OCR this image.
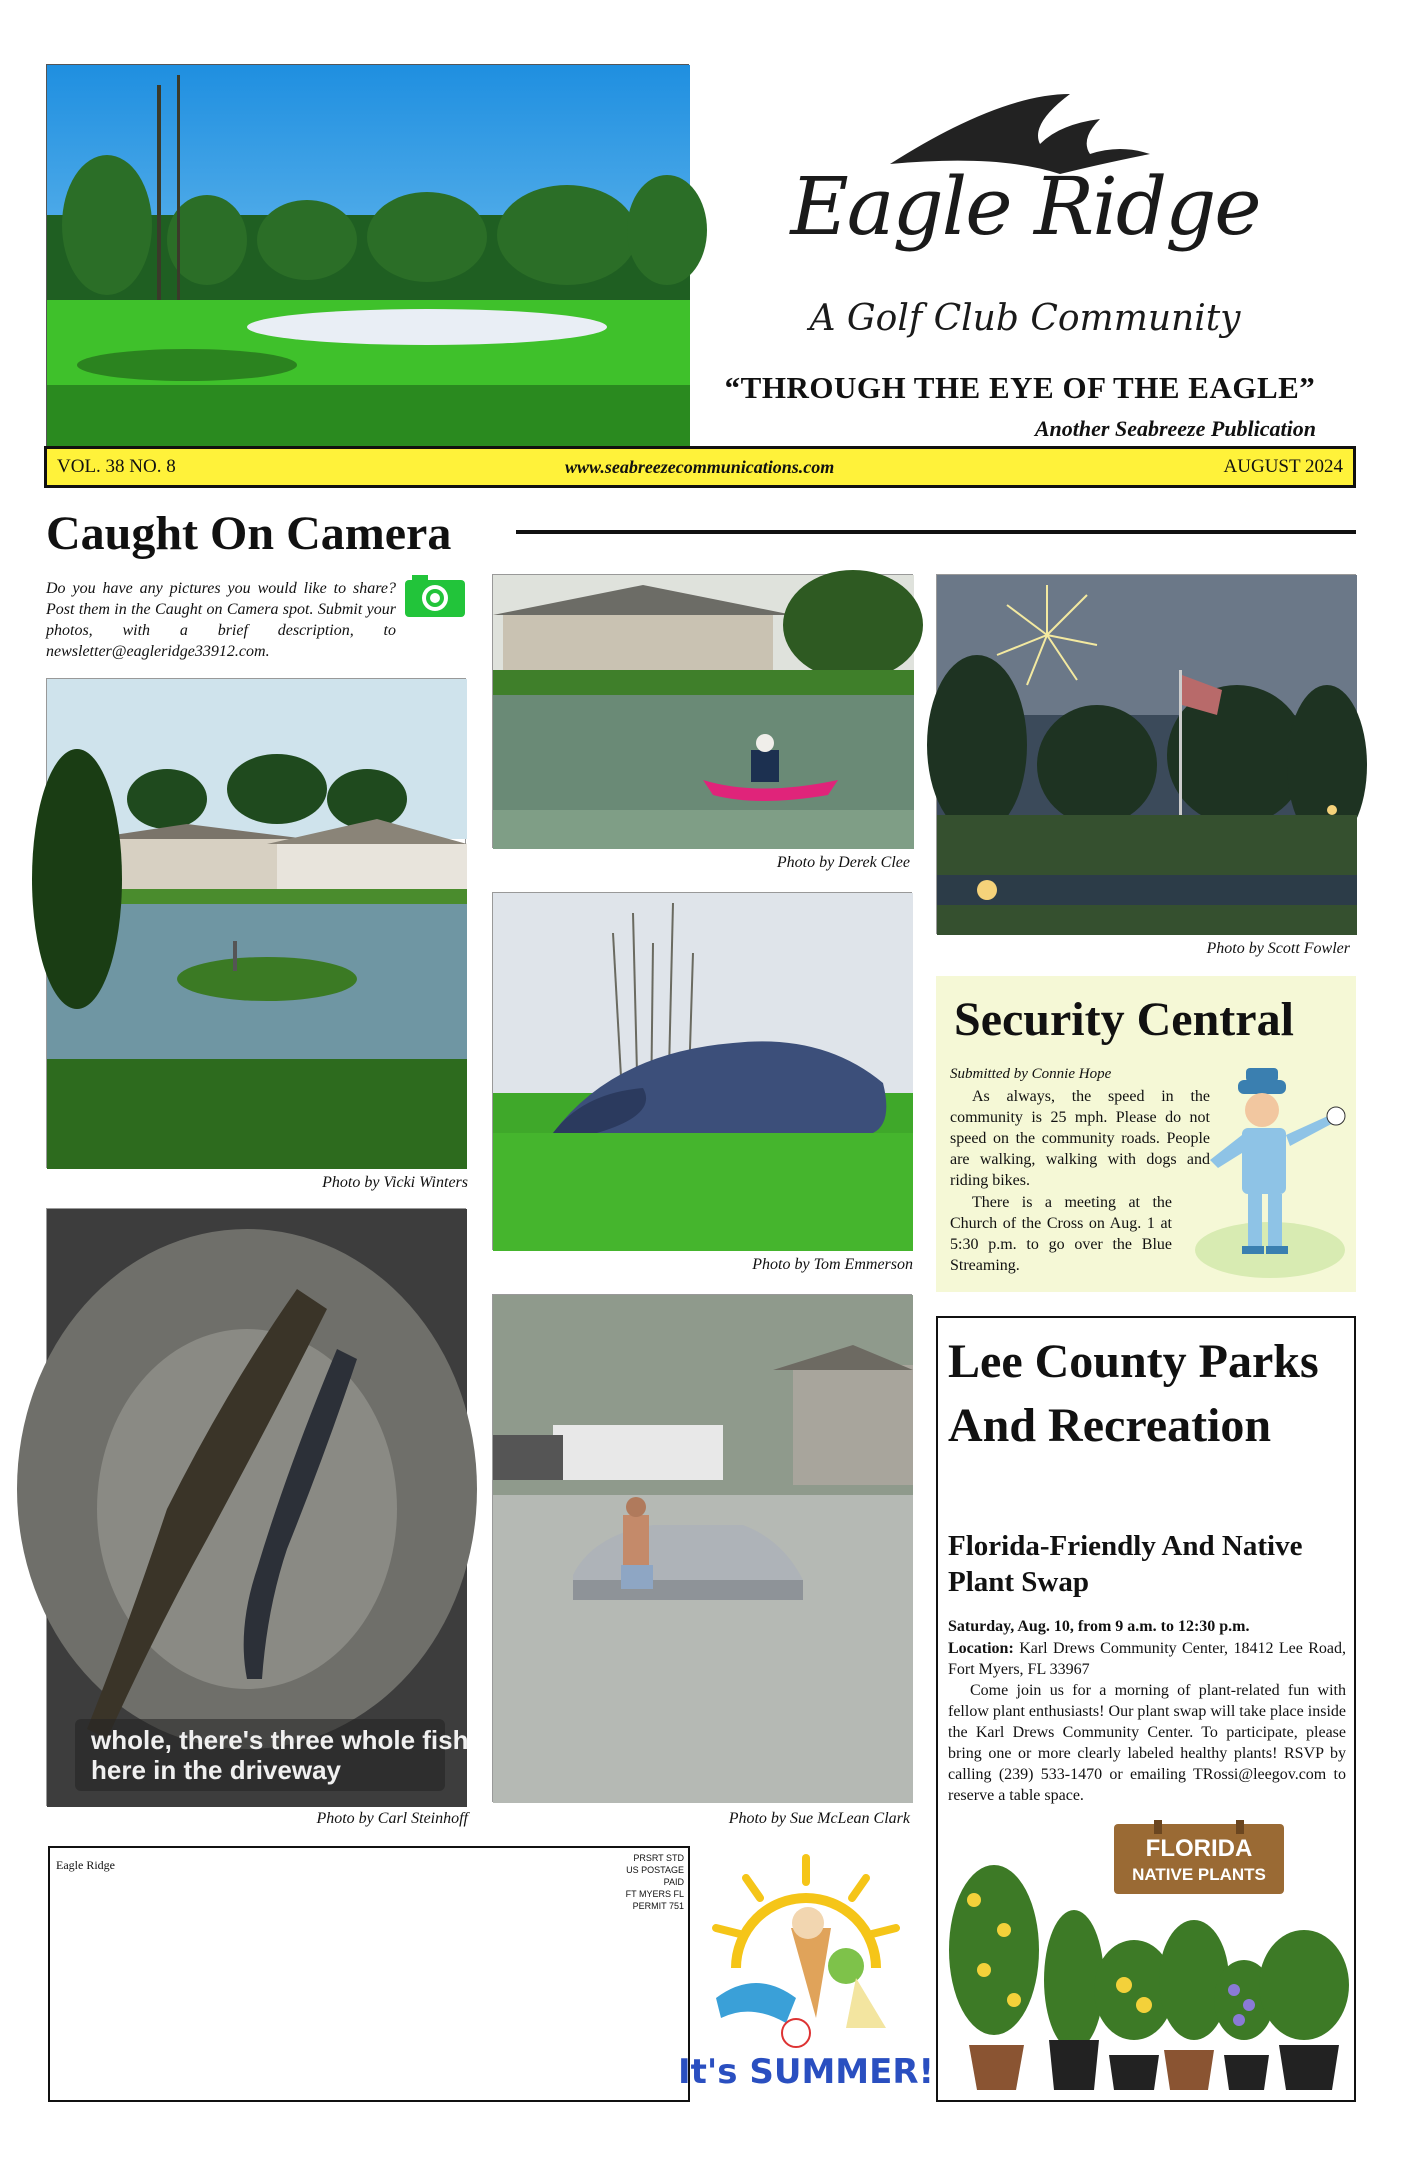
Eagle Ridge
A Golf Club Community
“THROUGH THE EYE OF THE EAGLE”
Another Seabreeze Publication
VOL. 38 NO. 8	www.seabreezecommunications.com	AUGUST 2024
Caught On Camera
Do you have any pictures you would like to share? Post them in the Caught on Camera spot. Submit your photos, with a brief description, to newsletter@eagleridge33912.com.
Photo by Vicki Winters
whole, there's three whole fish
here in the driveway
Photo by Carl Steinhoff
Photo by Derek Clee
Photo by Tom Emmerson
Photo by Sue McLean Clark
Photo by Scott Fowler
Security Central
Submitted by Connie Hope
As always, the speed in the community is 25 mph. Please do not speed on the community roads. People are walking, walking with dogs and riding bikes.
There is a meeting at the Church of the Cross on Aug. 1 at 5:30 p.m. to go over the Blue Streaming.
Lee County Parks And Recreation
Florida-Friendly And Native Plant Swap
Saturday, Aug. 10, from 9 a.m. to 12:30 p.m.
Location: Karl Drews Community Center, 18412 Lee Road, Fort Myers, FL 33967
Come join us for a morning of plant-related fun with fellow plant enthusiasts! Our plant swap will take place inside the Karl Drews Community Center. To participate, please bring one or more clearly labeled healthy plants! RSVP by calling (239) 533-1470 or emailing TRossi@leegov.com to reserve a table space.
FLORIDA
NATIVE PLANTS
Eagle Ridge	PRSRT STD
US POSTAGE
PAID
FT MYERS FL
PERMIT 751
It's SUMMER!
